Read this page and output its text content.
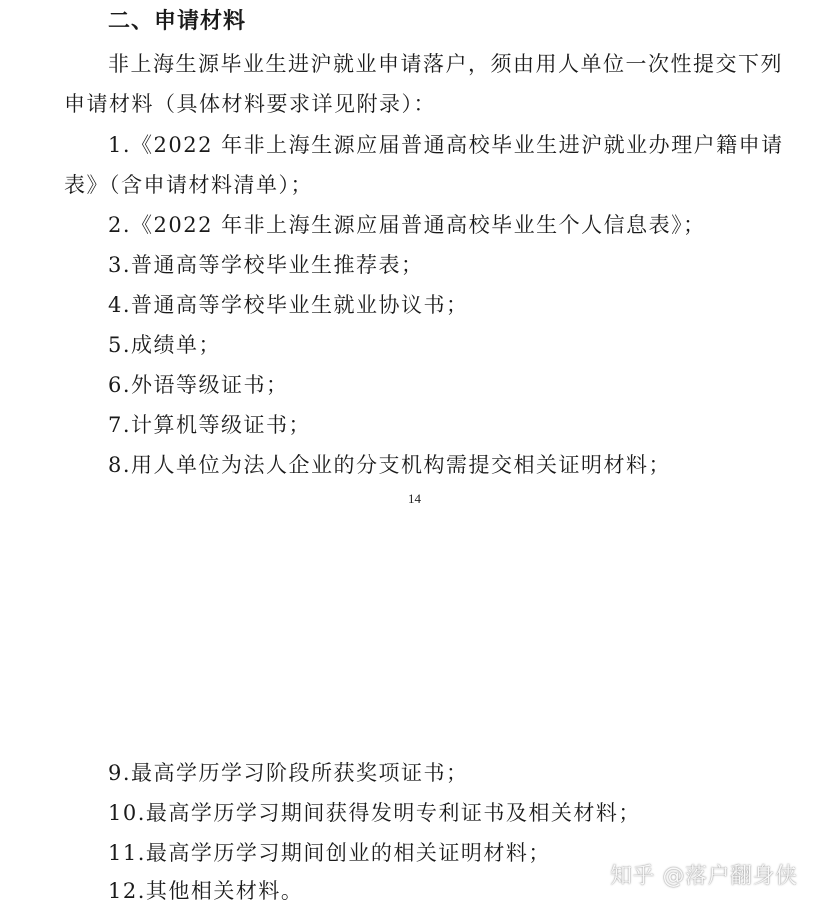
二、申请材料
非上海生源毕业生进沪就业申请落户，须由用人单位一次性提交下列
申请材料（具体材料要求详见附录）：
1.《2022 年非上海生源应届普通高校毕业生进沪就业办理户籍申请
表》（含申请材料清单）；
2.《2022 年非上海生源应届普通高校毕业生个人信息表》；
3.普通高等学校毕业生推荐表；
4.普通高等学校毕业生就业协议书；
5.成绩单；
6.外语等级证书；
7.计算机等级证书；
8.用人单位为法人企业的分支机构需提交相关证明材料；
14
9.最高学历学习阶段所获奖项证书；
10.最高学历学习期间获得发明专利证书及相关材料；
11.最高学历学习期间创业的相关证明材料；
12.其他相关材料。
知乎 @落户翻身侠
